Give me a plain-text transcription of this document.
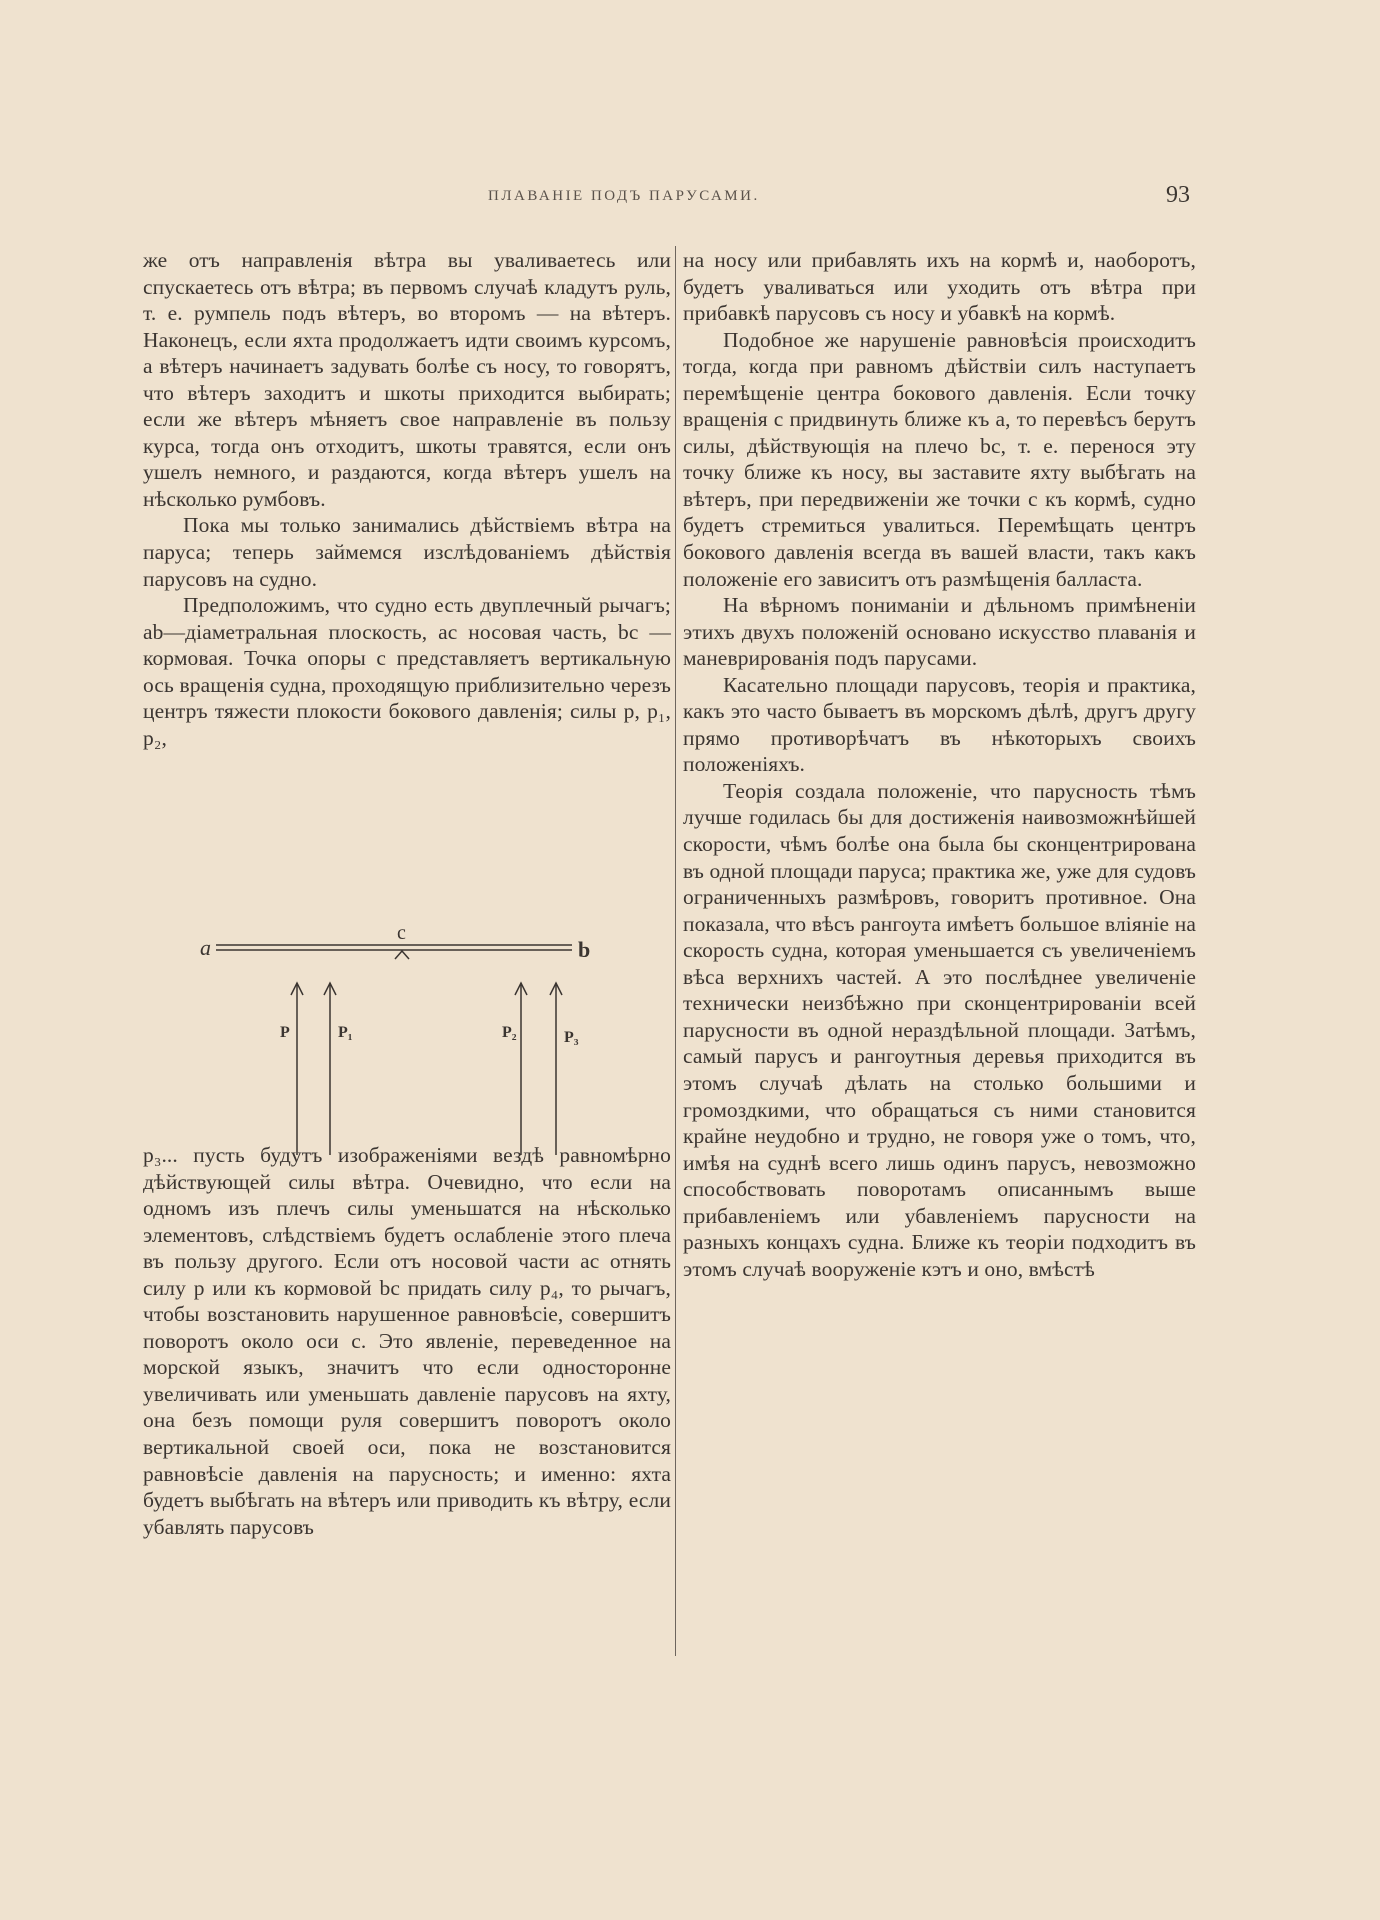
ПЛАВАНІЕ ПОДЪ ПАРУСАМИ.	93

же отъ направленія вѣтра вы уваливаетесь или спускаетесь отъ вѣтра; въ первомъ случаѣ кладутъ руль, т. е. румпель подъ вѣтеръ, во второмъ — на вѣтеръ. Наконецъ, если яхта продолжаетъ идти своимъ курсомъ, а вѣтеръ начинаетъ задувать болѣе съ носу, то говорятъ, что вѣтеръ заходитъ и шкоты приходится выбирать; если же вѣтеръ мѣняетъ свое направленіе въ пользу курса, тогда онъ отходитъ, шкоты травятся, если онъ ушелъ немного, и раздаются, когда вѣтеръ ушелъ на нѣсколько румбовъ.

Пока мы только занимались дѣйствіемъ вѣтра на паруса; теперь займемся изслѣдованіемъ дѣйствія парусовъ на судно.

Предположимъ, что судно есть двуплечный рычагъ; ab—діаметральная плоскость, ac носовая часть, bc — кормовая. Точка опоры c представляетъ вертикальную ось вращенія судна, проходящую приблизительно черезъ центръ тяжести плокости бокового давленія; силы p, p₁, p₂,

p₃... пусть будутъ изображеніями вездѣ равномѣрно дѣйствующей силы вѣтра. Очевидно, что если на одномъ изъ плечъ силы уменьшатся на нѣсколько элементовъ, слѣдствіемъ будетъ ослабленіе этого плеча въ пользу другого. Если отъ носовой части ac отнять силу p или къ кормовой bc придать силу p₄, то рычагъ, чтобы возстановить нарушенное равновѣсіе, совершитъ поворотъ около оси c. Это явленіе, переведенное на морской языкъ, значитъ что если односторонне увеличивать или уменьшать давленіе парусовъ на яхту, она безъ помощи руля совершитъ поворотъ около вертикальной своей оси, пока не возстановится равновѣсіе давленія на парусность; и именно: яхта будетъ выбѣгать на вѣтеръ или приводить къ вѣтру, если убавлять парусовъ

a	b
c
P	P₁	P₂	P₃

на носу или прибавлять ихъ на кормѣ и, наоборотъ, будетъ уваливаться или уходить отъ вѣтра при прибавкѣ парусовъ съ носу и убавкѣ на кормѣ.

Подобное же нарушеніе равновѣсія происходитъ тогда, когда при равномъ дѣйствіи силъ наступаетъ перемѣщеніе центра бокового давленія. Если точку вращенія c придвинуть ближе къ a, то перевѣсъ берутъ силы, дѣйствующія на плечо bc, т. е. перенося эту точку ближе къ носу, вы заставите яхту выбѣгать на вѣтеръ, при передвиженіи же точки c къ кормѣ, судно будетъ стремиться увалиться. Перемѣщать центръ бокового давленія всегда въ вашей власти, такъ какъ положеніе его зависитъ отъ размѣщенія балласта.

На вѣрномъ пониманіи и дѣльномъ примѣненіи этихъ двухъ положеній основано искусство плаванія и маневрированія подъ парусами.

Касательно площади парусовъ, теорія и практика, какъ это часто бываетъ въ морскомъ дѣлѣ, другъ другу прямо противорѣчатъ въ нѣкоторыхъ своихъ положеніяхъ.

Теорія создала положеніе, что парусность тѣмъ лучше годилась бы для достиженія наивозможнѣйшей скорости, чѣмъ болѣе она была бы сконцентрирована въ одной площади паруса; практика же, уже для судовъ ограниченныхъ размѣровъ, говоритъ противное. Она показала, что вѣсъ рангоута имѣетъ большое вліяніе на скорость судна, которая уменьшается съ увеличеніемъ вѣса верхнихъ частей. А это послѣднее увеличеніе технически неизбѣжно при сконцентрированіи всей парусности въ одной нераздѣльной площади. Затѣмъ, самый парусъ и рангоутныя деревья приходится въ этомъ случаѣ дѣлать на столько большими и громоздкими, что обращаться съ ними становится крайне неудобно и трудно, не говоря уже о томъ, что, имѣя на суднѣ всего лишь одинъ парусъ, невозможно способствовать поворотамъ описаннымъ выше прибавленіемъ или убавленіемъ парусности на разныхъ концахъ судна. Ближе къ теоріи подходитъ въ этомъ случаѣ вооруженіе кэтъ и оно, вмѣстѣ
